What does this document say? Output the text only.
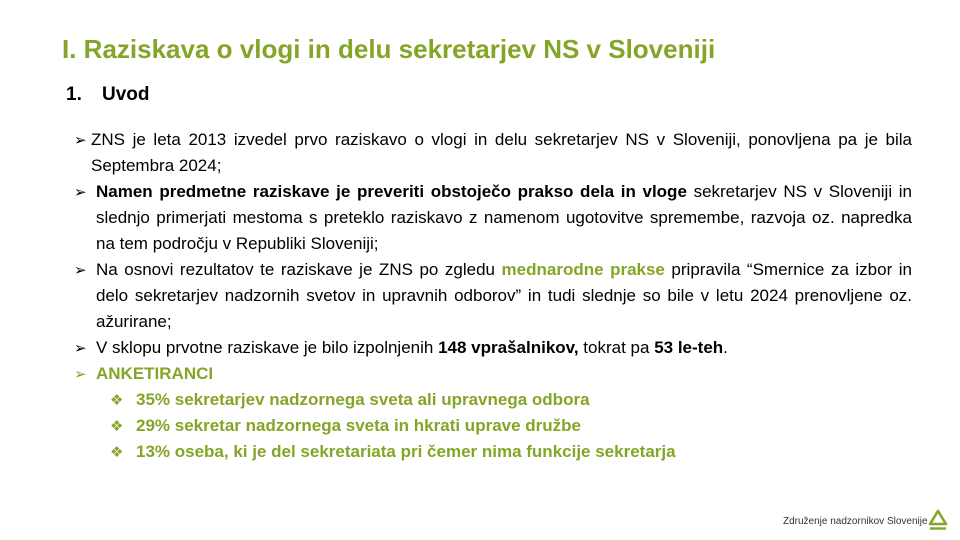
I. Raziskava o vlogi in delu sekretarjev NS v Sloveniji
1. Uvod
➢ ZNS je leta 2013 izvedel prvo raziskavo o vlogi in delu sekretarjev NS v Sloveniji, ponovljena pa je bila Septembra 2024;
➢ Namen predmetne raziskave je preveriti obstoječo prakso dela in vloge sekretarjev NS v Sloveniji in slednjo primerjati mestoma s preteklo raziskavo z namenom ugotovitve spremembe, razvoja oz. napredka na tem področju v Republiki Sloveniji;
➢ Na osnovi rezultatov te raziskave je ZNS po zgledu mednarodne prakse pripravila “Smernice za izbor in delo sekretarjev nadzornih svetov in upravnih odborov” in tudi slednje so bile v letu 2024 prenovljene oz. ažurirane;
➢ V sklopu prvotne raziskave je bilo izpolnjenih 148 vprašalnikov, tokrat pa 53 le-teh.
➢ ANKETIRANCI
❖ 35% sekretarjev nadzornega sveta ali upravnega odbora
❖ 29% sekretar nadzornega sveta in hkrati uprave družbe
❖ 13% oseba, ki je del sekretariata pri čemer nima funkcije sekretarja
Združenje nadzornikov Slovenije
